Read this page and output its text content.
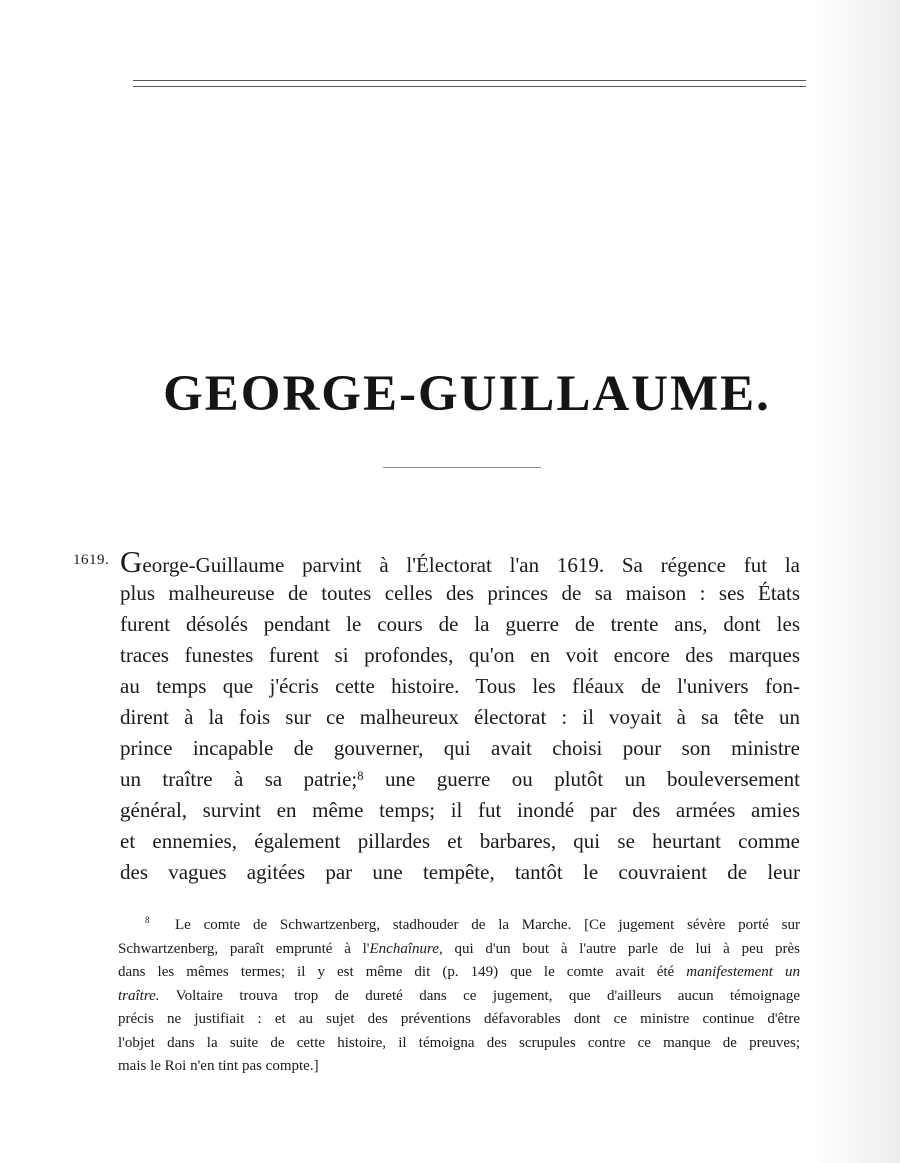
GEORGE-GUILLAUME.
1619. George-Guillaume parvint à l'Électorat l'an 1619. Sa régence fut la
plus malheureuse de toutes celles des princes de sa maison : ses États
furent désolés pendant le cours de la guerre de trente ans, dont les
traces funestes furent si profondes, qu'on en voit encore des marques
au temps que j'écris cette histoire. Tous les fléaux de l'univers fon-
dirent à la fois sur ce malheureux électorat : il voyait à sa tête un
prince incapable de gouverner, qui avait choisi pour son ministre
un traître à sa patrie;$^8$ une guerre ou plutôt un bouleversement
général, survint en même temps; il fut inondé par des armées amies
et ennemies, également pillardes et barbares, qui se heurtant comme
des vagues agitées par une tempête, tantôt le couvraient de leur
$^8$ Le comte de Schwartzenberg, stadhouder de la Marche. [Ce jugement sévère porté sur
Schwartzenberg, paraît emprunté à l'Enchaînure, qui d'un bout à l'autre parle de lui à peu près
dans les mêmes termes; il y est même dit (p. 149) que le comte avait été manifestement un
traître. Voltaire trouva trop de dureté dans ce jugement, que d'ailleurs aucun témoignage
précis ne justifiait : et au sujet des préventions défavorables dont ce ministre continue d'être
l'objet dans la suite de cette histoire, il témoigna des scrupules contre ce manque de preuves;
mais le Roi n'en tint pas compte.]
